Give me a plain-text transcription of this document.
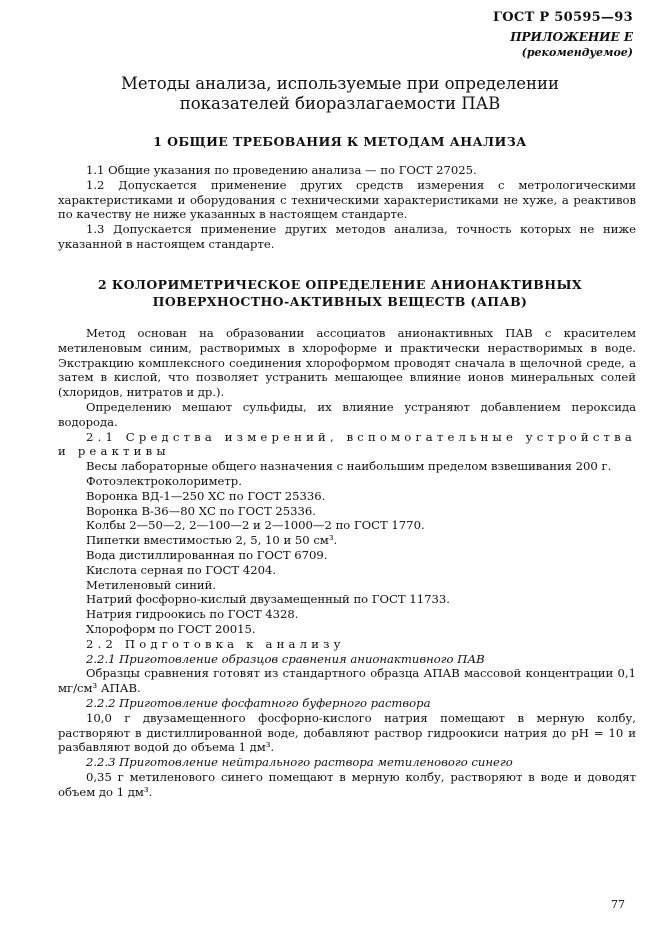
ГОСТ Р 50595—93
ПРИЛОЖЕНИЕ Е
(рекомендуемое)
Методы анализа, используемые при определении
показателей биоразлагаемости ПАВ
1 ОБЩИЕ ТРЕБОВАНИЯ К МЕТОДАМ АНАЛИЗА

1.1 Общие указания по проведению анализа — по ГОСТ 27025.

1.2 Допускается применение других средств измерения с метрологическими характеристиками и оборудования с техническими характеристиками не хуже, а реактивов по качеству не ниже указанных в настоящем стандарте.

1.3 Допускается применение других методов анализа, точность которых не ниже указанной в настоящем стандарте.

2 КОЛОРИМЕТРИЧЕСКОЕ ОПРЕДЕЛЕНИЕ АНИОНАКТИВНЫХ
ПОВЕРХНОСТНО-АКТИВНЫХ ВЕЩЕСТВ (АПАВ)

Метод основан на образовании ассоциатов анионактивных ПАВ с красителем метиленовым синим, растворимых в хлороформе и практически нерастворимых в воде. Экстракцию комплексного соединения хлороформом проводят сначала в щелочной среде, а затем в кислой, что позволяет устранить мешающее влияние ионов минеральных солей (хлоридов, нитратов и др.).

Определению мешают сульфиды, их влияние устраняют добавлением пероксида водорода.

2.1 Средства измерений, вспомогательные устройства и реактивы

Весы лабораторные общего назначения с наибольшим пределом взвешивания 200 г.

Фотоэлектроколориметр.

Воронка ВД-1—250 ХС по ГОСТ 25336.

Воронка В-36—80 ХС по ГОСТ 25336.

Колбы 2—50—2, 2—100—2 и 2—1000—2 по ГОСТ 1770.

Пипетки вместимостью 2, 5, 10 и 50 см³.

Вода дистиллированная по ГОСТ 6709.

Кислота серная по ГОСТ 4204.

Метиленовый синий.

Натрий фосфорно-кислый двузамещенный по ГОСТ 11733.

Натрия гидроокись по ГОСТ 4328.

Хлороформ по ГОСТ 20015.

2.2 Подготовка к анализу

2.2.1 Приготовление образцов сравнения анионактивного ПАВ

Образцы сравнения готовят из стандартного образца АПАВ массовой концентрации 0,1 мг/см³ АПАВ.

2.2.2 Приготовление фосфатного буферного раствора

10,0 г двузамещенного фосфорно-кислого натрия помещают в мерную колбу, растворяют в дистиллированной воде, добавляют раствор гидроокиси натрия до рН = 10 и разбавляют водой до объема 1 дм³.

2.2.3 Приготовление нейтрального раствора метиленового синего

0,35 г метиленового синего помещают в мерную колбу, растворяют в воде и доводят объем до 1 дм³.

77
